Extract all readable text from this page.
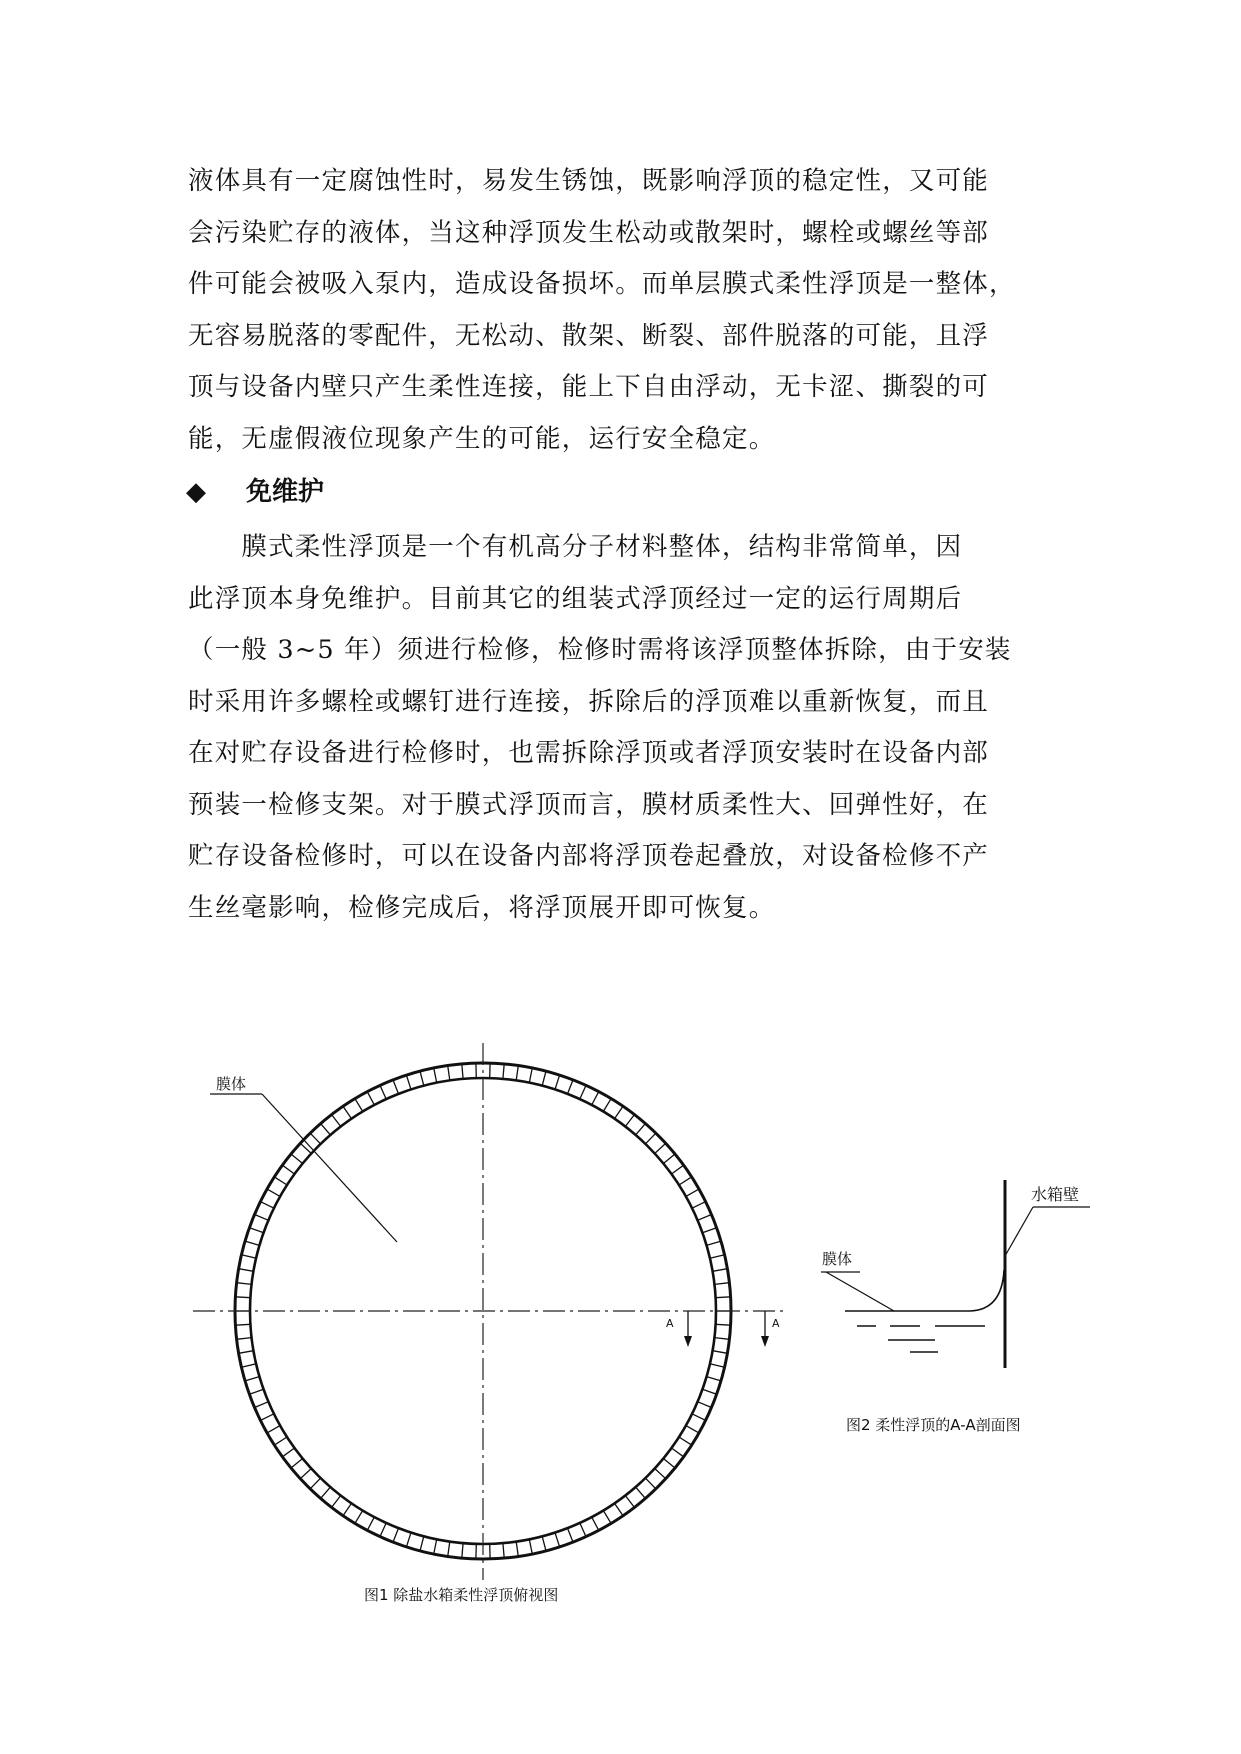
液体具有一定腐蚀性时，易发生锈蚀，既影响浮顶的稳定性，又可能
会污染贮存的液体，当这种浮顶发生松动或散架时，螺栓或螺丝等部
件可能会被吸入泵内，造成设备损坏。而单层膜式柔性浮顶是一整体，
无容易脱落的零配件，无松动、散架、断裂、部件脱落的可能，且浮
顶与设备内壁只产生柔性连接，能上下自由浮动，无卡涩、撕裂的可
能，无虚假液位现象产生的可能，运行安全稳定。
◆ 免维护
　　膜式柔性浮顶是一个有机高分子材料整体，结构非常简单，因
此浮顶本身免维护。目前其它的组装式浮顶经过一定的运行周期后
（一般 3~5 年）须进行检修，检修时需将该浮顶整体拆除，由于安装
时采用许多螺栓或螺钉进行连接，拆除后的浮顶难以重新恢复，而且
在对贮存设备进行检修时，也需拆除浮顶或者浮顶安装时在设备内部
预装一检修支架。对于膜式浮顶而言，膜材质柔性大、回弹性好，在
贮存设备检修时，可以在设备内部将浮顶卷起叠放，对设备检修不产
生丝毫影响，检修完成后，将浮顶展开即可恢复。
膜体
A	A
图1 除盐水箱柔性浮顶俯视图
水箱壁
膜体
图2 柔性浮顶的A-A剖面图
